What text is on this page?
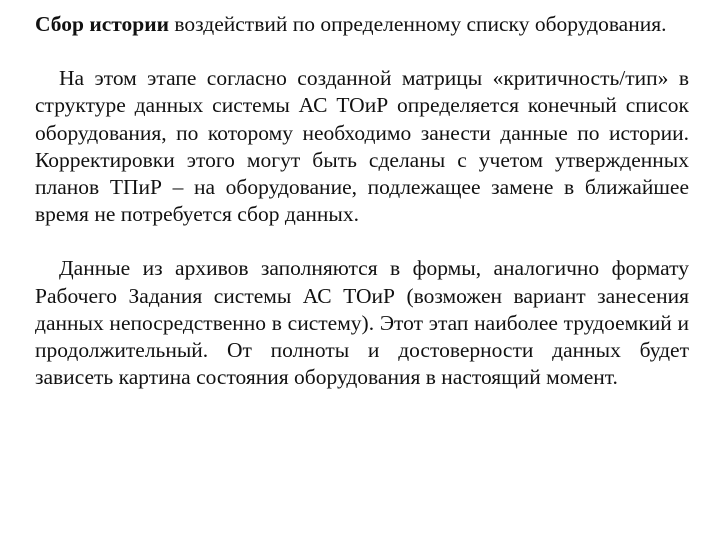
Сбор истории воздействий по определенному списку оборудования.

На этом этапе согласно созданной матрицы «критичность/тип» в структуре данных системы АС ТОиР определяется конечный список оборудования, по которому необходимо занести данные по истории. Корректировки этого могут быть сделаны с учетом утвержденных планов ТПиР – на оборудование, подлежащее замене в ближайшее время не потребуется сбор данных.

Данные из архивов заполняются в формы, аналогично формату Рабочего Задания системы АС ТОиР (возможен вариант занесения данных непосредственно в систему). Этот этап наиболее трудоемкий и продолжительный. От полноты и достоверности данных будет зависеть картина состояния оборудования в настоящий момент.
